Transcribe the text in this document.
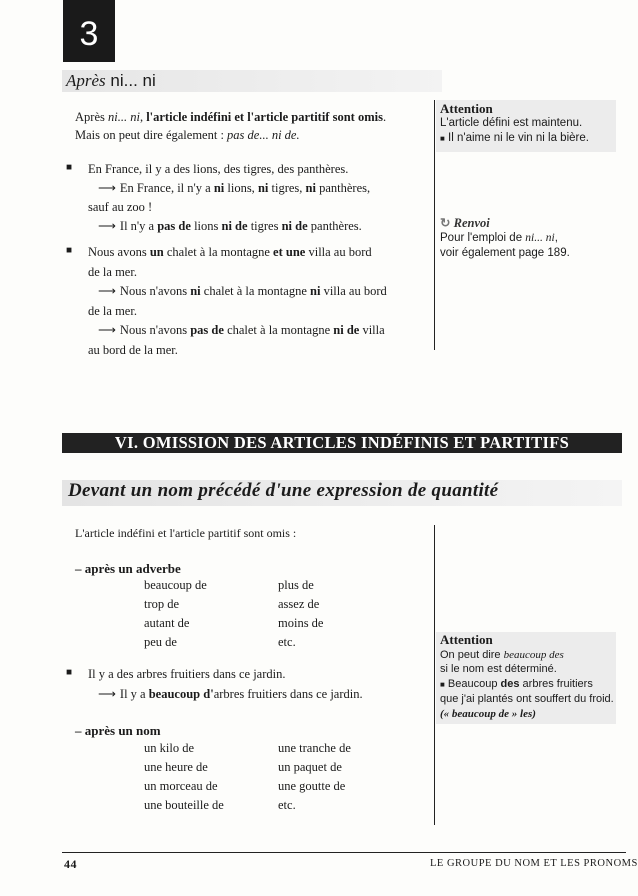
3
Après ni... ni
Après ni... ni, l'article indéfini et l'article partitif sont omis.
Mais on peut dire également : pas de... ni de.
■ En France, il y a des lions, des tigres, des panthères.
⟶ En France, il n'y a ni lions, ni tigres, ni panthères,
sauf au zoo !
⟶ Il n'y a pas de lions ni de tigres ni de panthères.
■ Nous avons un chalet à la montagne et une villa au bord
de la mer.
⟶ Nous n'avons ni chalet à la montagne ni villa au bord
de la mer.
⟶ Nous n'avons pas de chalet à la montagne ni de villa
au bord de la mer.
Attention
L'article défini est maintenu.
■ Il n'aime ni le vin ni la bière.
↻ Renvoi
Pour l'emploi de ni... ni,
voir également page 189.
VI. OMISSION DES ARTICLES INDÉFINIS ET PARTITIFS
Devant un nom précédé d'une expression de quantité
L'article indéfini et l'article partitif sont omis :
– après un adverbe
beaucoup de
trop de
autant de
peu de
plus de
assez de
moins de
etc.
■ Il y a des arbres fruitiers dans ce jardin.
⟶ Il y a beaucoup d'arbres fruitiers dans ce jardin.
– après un nom
un kilo de
une heure de
un morceau de
une bouteille de
une tranche de
un paquet de
une goutte de
etc.
Attention
On peut dire beaucoup des
si le nom est déterminé.
■ Beaucoup des arbres fruitiers
que j'ai plantés ont souffert du froid.
(« beaucoup de » les)
44	LE GROUPE DU NOM ET LES PRONOMS
